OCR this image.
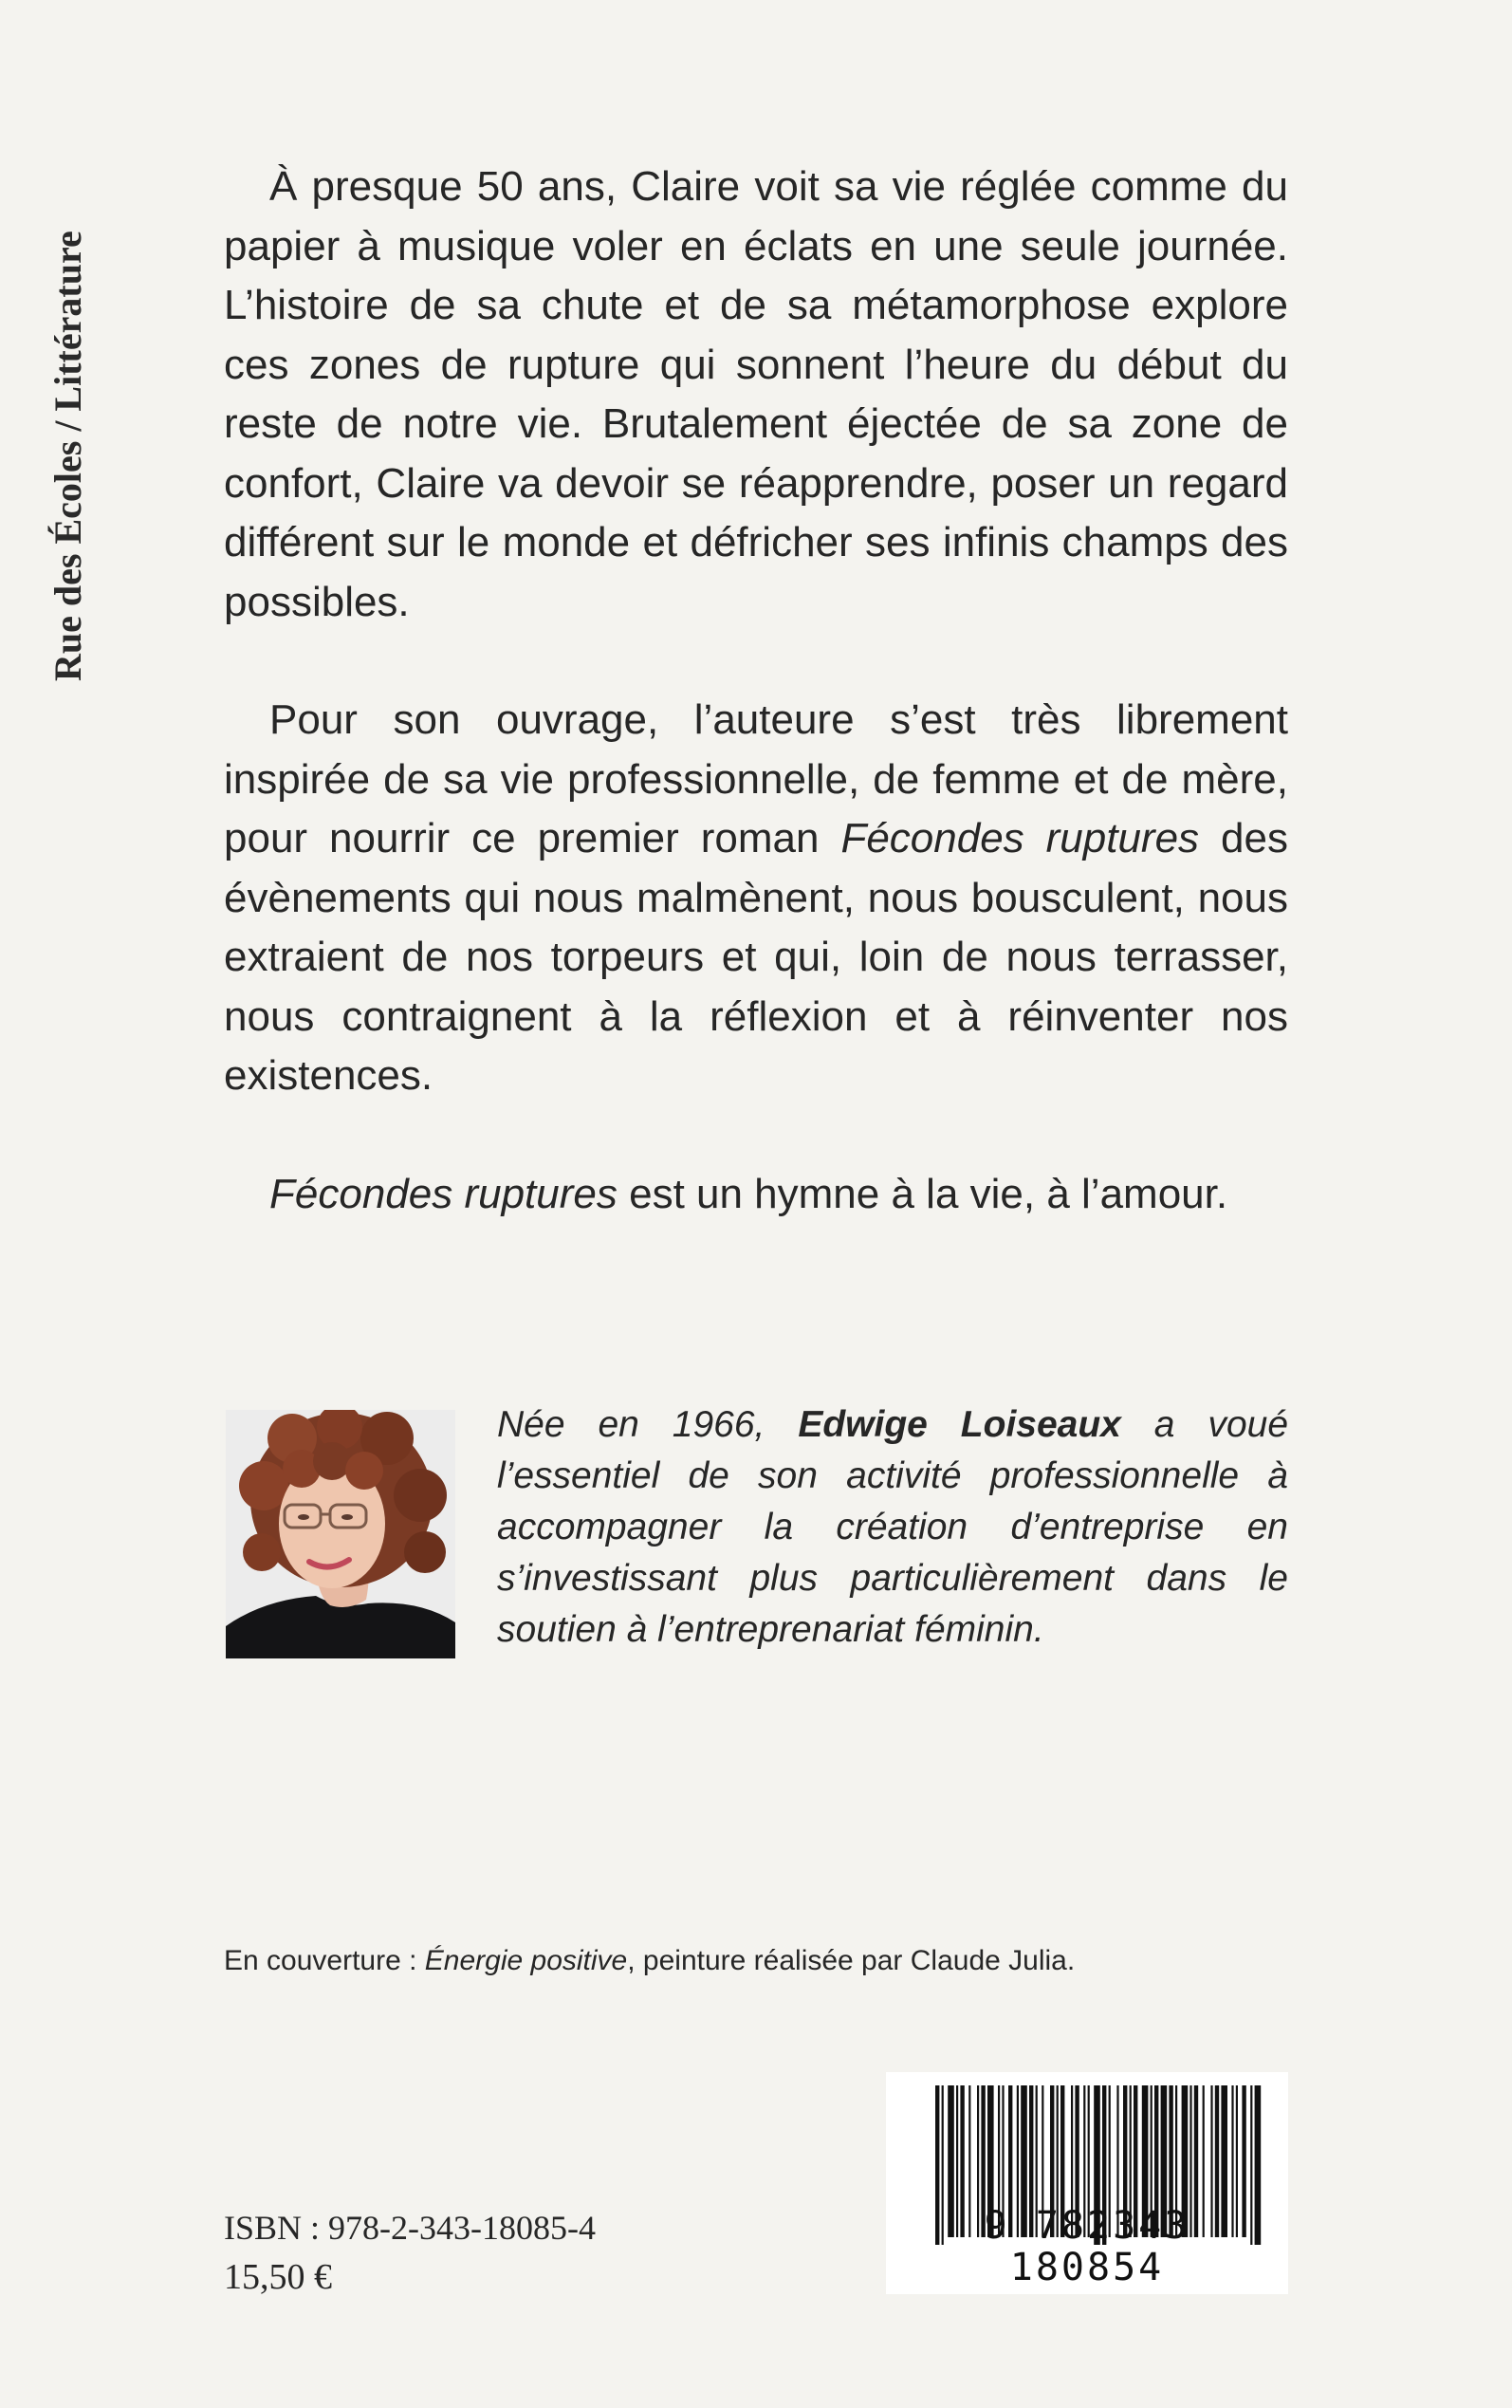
Rue des Écoles / Littérature

À presque 50 ans, Claire voit sa vie réglée comme du papier à musique voler en éclats en une seule journée. L’histoire de sa chute et de sa métamorphose explore ces zones de rupture qui sonnent l’heure du début du reste de notre vie. Brutalement éjectée de sa zone de confort, Claire va devoir se réapprendre, poser un regard différent sur le monde et défricher ses infinis champs des possibles.

Pour son ouvrage, l’auteure s’est très librement inspirée de sa vie professionnelle, de femme et de mère, pour nourrir ce premier roman Fécondes ruptures des évènements qui nous malmènent, nous bousculent, nous extraient de nos torpeurs et qui, loin de nous terrasser, nous contraignent à la réflexion et à réinventer nos existences.

Fécondes ruptures est un hymne à la vie, à l’amour.

Née en 1966, Edwige Loiseaux a voué l’essentiel de son activité professionnelle à accompagner la création d’entreprise en s’investissant plus particulièrement dans le soutien à l’entreprenariat féminin.
En couverture : Énergie positive, peinture réalisée par Claude Julia.
ISBN : 978-2-343-18085-4
15,50 €
9 782343 180854
